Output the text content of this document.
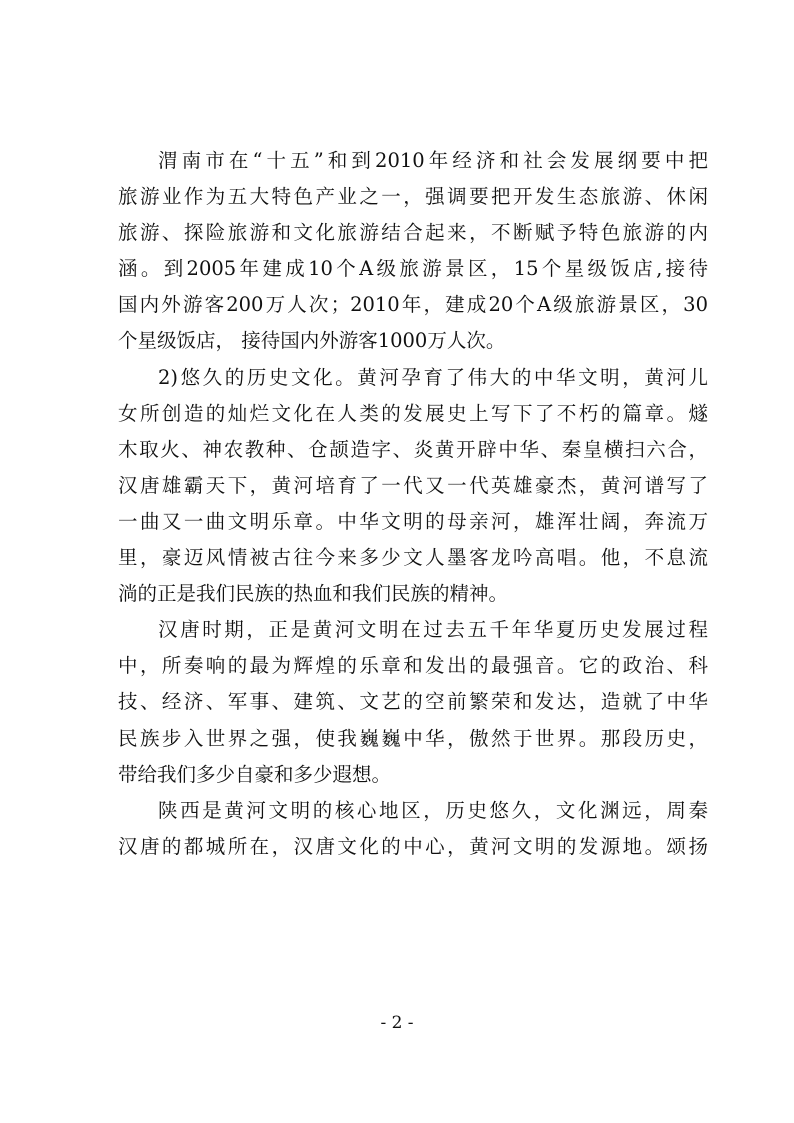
渭南市在“十五”和到2010年经济和社会发展纲要中把
旅游业作为五大特色产业之一，强调要把开发生态旅游、休闲
旅游、探险旅游和文化旅游结合起来，不断赋予特色旅游的内
涵。到2005年建成10个A级旅游景区，15个星级饭店,接待
国内外游客200万人次；2010年，建成20个A级旅游景区，30
个星级饭店， 接待国内外游客1000万人次。
2)悠久的历史文化。黄河孕育了伟大的中华文明，黄河儿
女所创造的灿烂文化在人类的发展史上写下了不朽的篇章。燧
木取火、神农教种、仓颉造字、炎黄开辟中华、秦皇横扫六合，
汉唐雄霸天下，黄河培育了一代又一代英雄豪杰，黄河谱写了
一曲又一曲文明乐章。中华文明的母亲河，雄浑壮阔，奔流万
里，豪迈风情被古往今来多少文人墨客龙吟高唱。他，不息流
淌的正是我们民族的热血和我们民族的精神。
汉唐时期，正是黄河文明在过去五千年华夏历史发展过程
中，所奏响的最为辉煌的乐章和发出的最强音。它的政治、科
技、经济、军事、建筑、文艺的空前繁荣和发达，造就了中华
民族步入世界之强，使我巍巍中华，傲然于世界。那段历史，
带给我们多少自豪和多少遐想。
陕西是黄河文明的核心地区，历史悠久，文化渊远，周秦
汉唐的都城所在，汉唐文化的中心，黄河文明的发源地。颂扬
- 2 -
